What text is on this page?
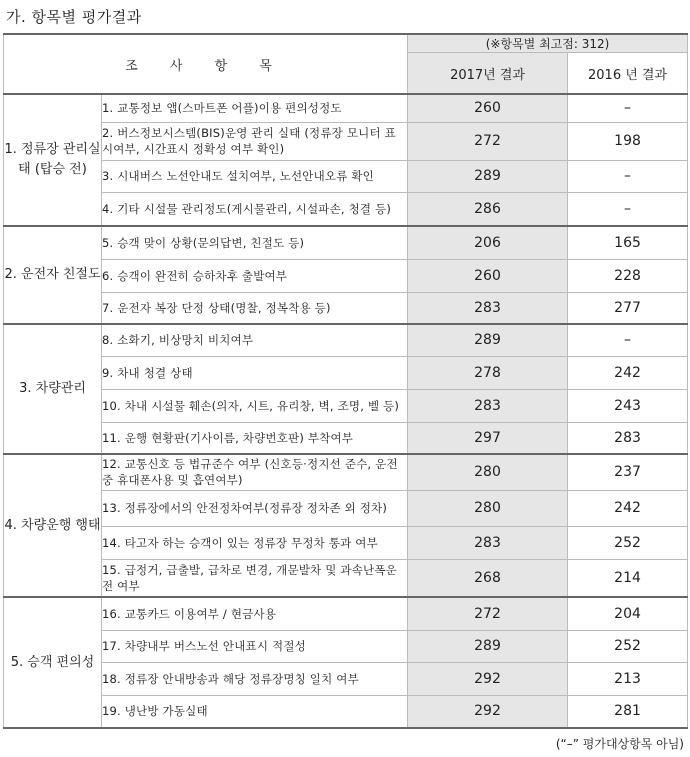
가. 항목별 평가결과
조 사 항 목		(※항목별 최고점: 312)	
		2017년 결과	2016 년 결과
1. 정류장 관리실태 (탑승 전)	1. 교통정보 앱(스마트폰 어플)이용 편의성정도	260	–
	2. 버스정보시스템(BIS)운영 관리 실태 (정류장 모니터 표시여부, 시간표시 정확성 여부 확인)	272	198
	3. 시내버스 노선안내도 설치여부, 노선안내오류 확인	289	–
	4. 기타 시설물 관리정도(게시물관리, 시설파손, 청결 등)	286	–
2. 운전자 친절도	5. 승객 맞이 상황(문의답변, 친절도 등)	206	165
	6. 승객이 완전히 승하차후 출발여부	260	228
	7. 운전자 복장 단정 상태(명찰, 정복착용 등)	283	277
3. 차량관리	8. 소화기, 비상망치 비치여부	289	–
	9. 차내 청결 상태	278	242
	10. 차내 시설물 훼손(의자, 시트, 유리창, 벽, 조명, 벨 등)	283	243
	11. 운행 현황판(기사이름, 차량번호판) 부착여부	297	283
4. 차량운행 행태	12. 교통신호 등 법규준수 여부 (신호등·정지선 준수, 운전 중 휴대폰사용 및 흡연여부)	280	237
	13. 정류장에서의 안전정차여부(정류장 정차존 외 정차)	280	242
	14. 타고자 하는 승객이 있는 정류장 무정차 통과 여부	283	252
	15. 급정거, 급출발, 급차로 변경, 개문발차 및 과속난폭운전 여부	268	214
5. 승객 편의성	16. 교통카드 이용여부 / 현금사용	272	204
	17. 차량내부 버스노선 안내표시 적절성	289	252
	18. 정류장 안내방송과 해당 정류장명칭 일치 여부	292	213
	19. 냉난방 가동실태	292	281
(“–” 평가대상항목 아님)
